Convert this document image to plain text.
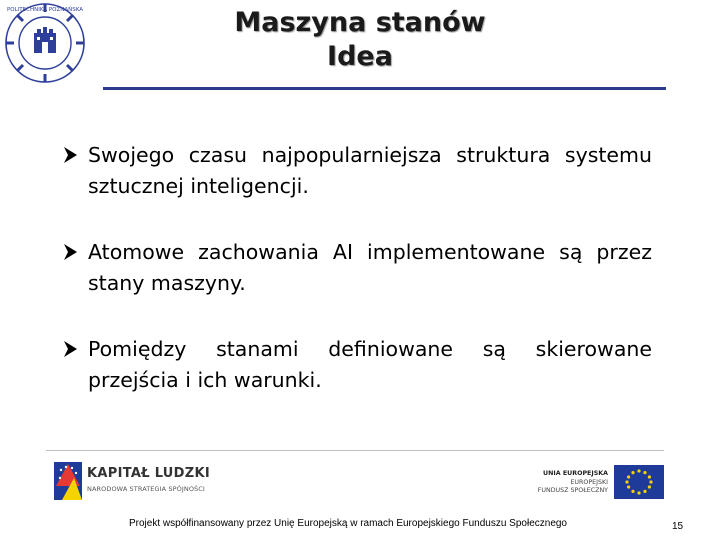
POLITECHNIKA POZNAŃSKA	Maszyna stanów
Idea
Swojego czasu najpopularniejsza struktura systemu sztucznej inteligencji.
Atomowe zachowania AI implementowane są przez stany maszyny.
Pomiędzy stanami definiowane są skierowane przejścia i ich warunki.
KAPITAŁ LUDZKI
NARODOWA STRATEGIA SPÓJNOŚCI
UNIA EUROPEJSKA
EUROPEJSKI
FUNDUSZ SPOŁECZNY
Projekt współfinansowany przez Unię Europejską w ramach Europejskiego Funduszu Społecznego	15
